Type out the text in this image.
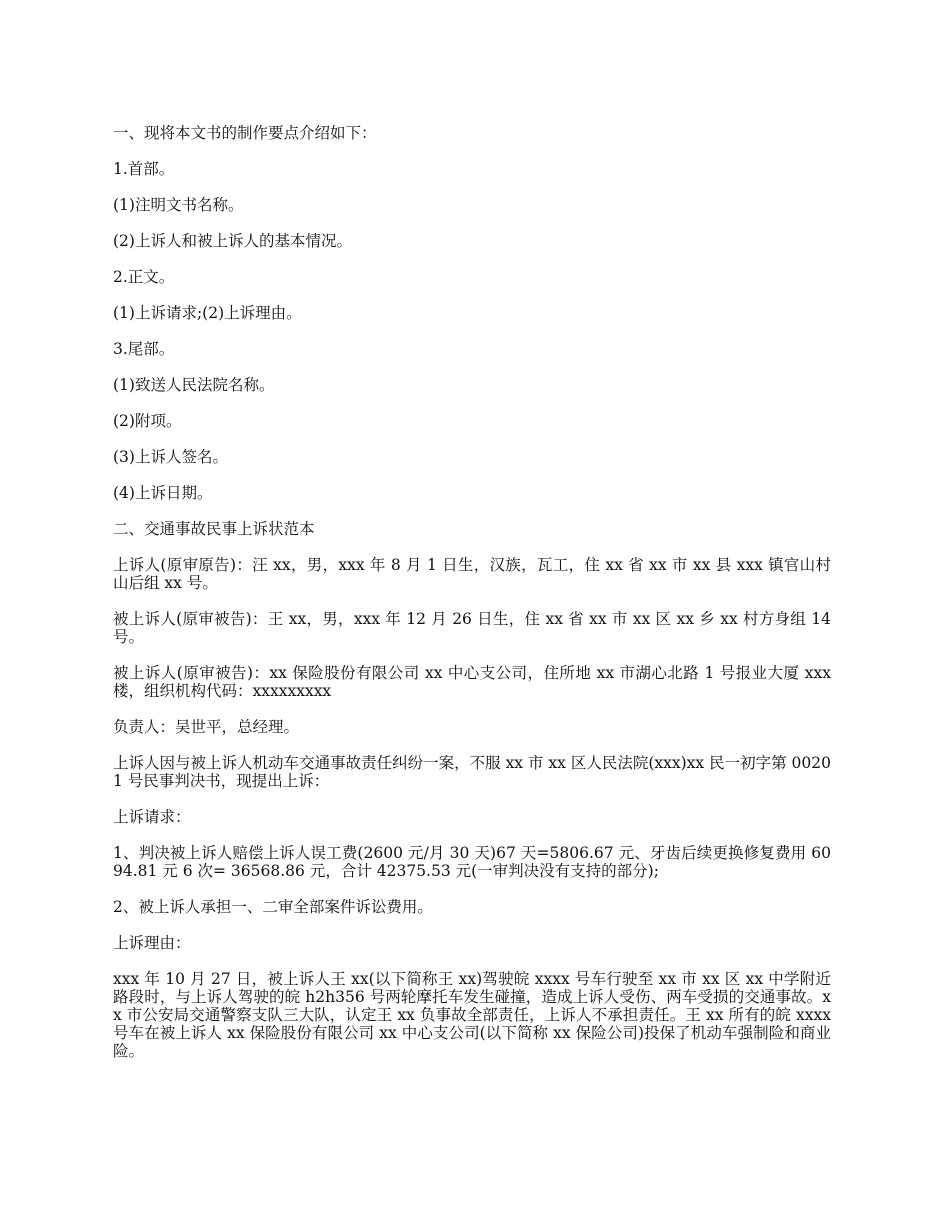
一、现将本文书的制作要点介绍如下：

1.首部。

(1)注明文书名称。

(2)上诉人和被上诉人的基本情况。

2.正文。

(1)上诉请求;(2)上诉理由。

3.尾部。

(1)致送人民法院名称。

(2)附项。

(3)上诉人签名。

(4)上诉日期。

二、交通事故民事上诉状范本

上诉人(原审原告)：汪 xx，男，xxx 年 8 月 1 日生，汉族，瓦工，住 xx 省 xx 市 xx 县 xxx 镇官山村山后组 xx 号。

被上诉人(原审被告)：王 xx，男，xxx 年 12 月 26 日生，住 xx 省 xx 市 xx 区 xx 乡 xx 村方身组 14 号。

被上诉人(原审被告)：xx 保险股份有限公司 xx 中心支公司，住所地 xx 市湖心北路 1 号报业大厦 xxx 楼，组织机构代码：xxxxxxxxx

负责人：吴世平，总经理。

上诉人因与被上诉人机动车交通事故责任纠纷一案，不服 xx 市 xx 区人民法院(xxx)xx 民一初字第 00201 号民事判决书，现提出上诉：

上诉请求：

1、判决被上诉人赔偿上诉人误工费(2600 元/月 30 天)67 天=5806.67 元、牙齿后续更换修复费用 6094.81 元 6 次= 36568.86 元，合计 42375.53 元(一审判决没有支持的部分);

2、被上诉人承担一、二审全部案件诉讼费用。

上诉理由：

xxx 年 10 月 27 日，被上诉人王 xx(以下简称王 xx)驾驶皖 xxxx 号车行驶至 xx 市 xx 区 xx 中学附近路段时，与上诉人驾驶的皖 h2h356 号两轮摩托车发生碰撞，造成上诉人受伤、两车受损的交通事故。xx 市公安局交通警察支队三大队，认定王 xx 负事故全部责任，上诉人不承担责任。王 xx 所有的皖 xxxx 号车在被上诉人 xx 保险股份有限公司 xx 中心支公司(以下简称 xx 保险公司)投保了机动车强制险和商业险。
